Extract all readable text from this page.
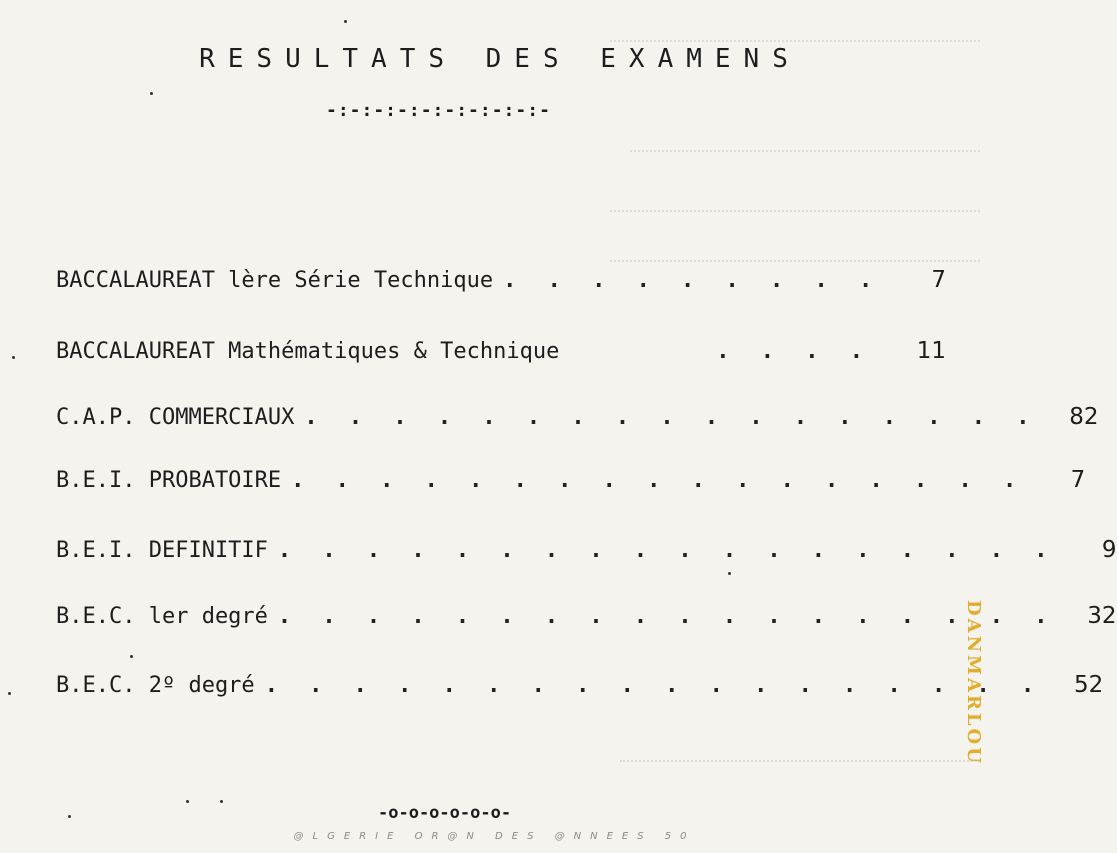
RESULTATS DES EXAMENS
-:-:-:-:-:-:-:-:-:-
BACCALAUREAT lère Série Technique . . . . . . . . .	7
BACCALAUREAT Mathématiques & Technique	. . . .	11
C.A.P. COMMERCIAUX . . . . . . . . . . . . . . . . .	82
B.E.I. PROBATOIRE . . . . . . . . . . . . . . . . .	7
B.E.I. DEFINITIF . . . . . . . . . . . . . . . . . .	9
B.E.C. ler degré . . . . . . . . . . . . . . . . . .	32
B.E.C. 2º degré . . . . . . . . . . . . . . . . . .	52
-o-o-o-o-o-o-
@LGERIE OR@N DES @NNEES 50
DANMARLOU
